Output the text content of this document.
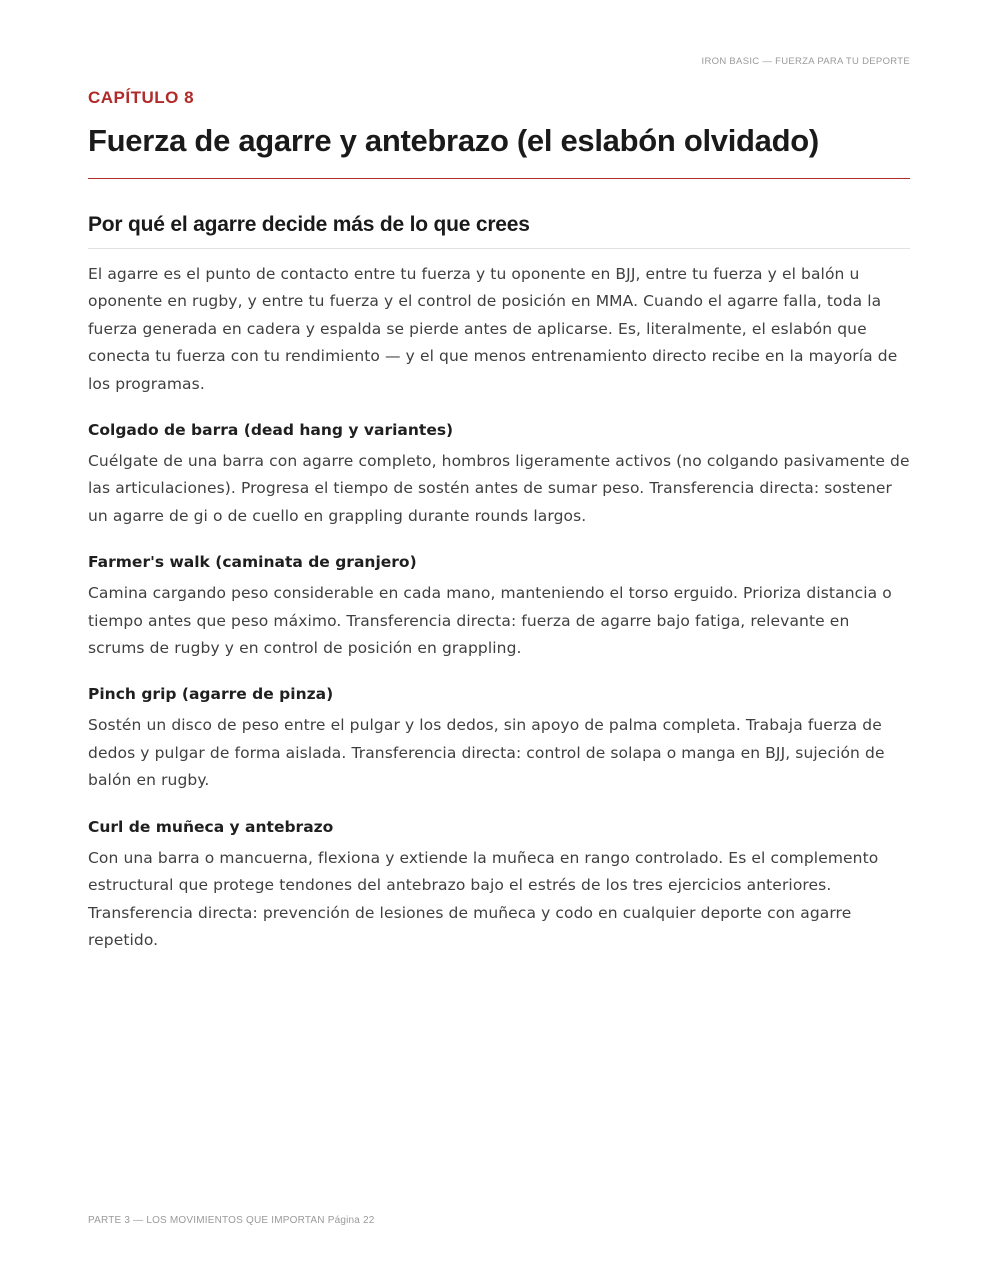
IRON BASIC — FUERZA PARA TU DEPORTE
CAPÍTULO 8
Fuerza de agarre y antebrazo (el eslabón olvidado)
Por qué el agarre decide más de lo que crees

El agarre es el punto de contacto entre tu fuerza y tu oponente en BJJ, entre tu fuerza y el balón u oponente en rugby, y entre tu fuerza y el control de posición en MMA. Cuando el agarre falla, toda la fuerza generada en cadera y espalda se pierde antes de aplicarse. Es, literalmente, el eslabón que conecta tu fuerza con tu rendimiento — y el que menos entrenamiento directo recibe en la mayoría de los programas.

Colgado de barra (dead hang y variantes)

Cuélgate de una barra con agarre completo, hombros ligeramente activos (no colgando pasivamente de las articulaciones). Progresa el tiempo de sostén antes de sumar peso. Transferencia directa: sostener un agarre de gi o de cuello en grappling durante rounds largos.

Farmer's walk (caminata de granjero)

Camina cargando peso considerable en cada mano, manteniendo el torso erguido. Prioriza distancia o tiempo antes que peso máximo. Transferencia directa: fuerza de agarre bajo fatiga, relevante en scrums de rugby y en control de posición en grappling.

Pinch grip (agarre de pinza)

Sostén un disco de peso entre el pulgar y los dedos, sin apoyo de palma completa. Trabaja fuerza de dedos y pulgar de forma aislada. Transferencia directa: control de solapa o manga en BJJ, sujeción de balón en rugby.

Curl de muñeca y antebrazo

Con una barra o mancuerna, flexiona y extiende la muñeca en rango controlado. Es el complemento estructural que protege tendones del antebrazo bajo el estrés de los tres ejercicios anteriores. Transferencia directa: prevención de lesiones de muñeca y codo en cualquier deporte con agarre repetido.

PARTE 3 — LOS MOVIMIENTOS QUE IMPORTAN Página 22
